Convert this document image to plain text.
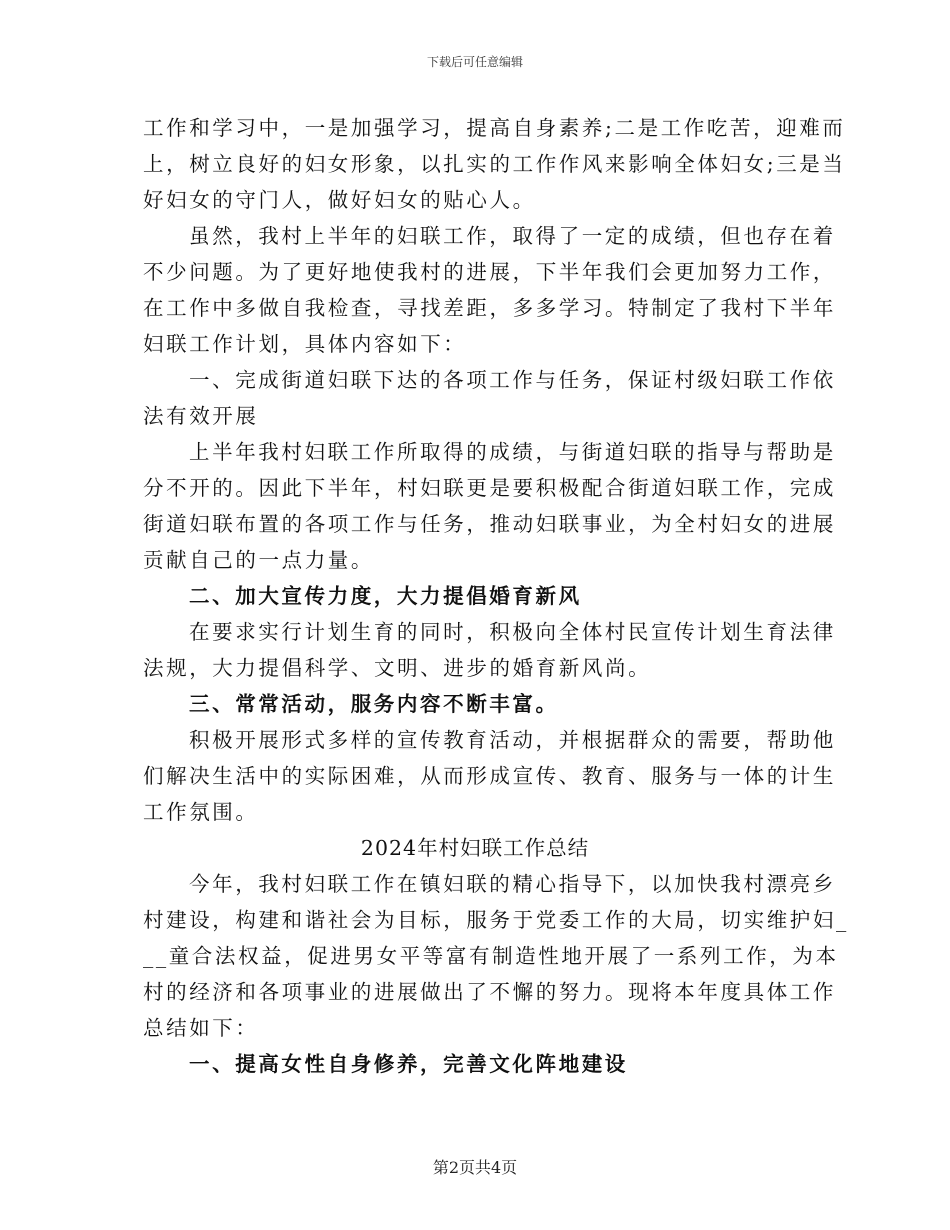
下载后可任意编辑
工作和学习中，一是加强学习，提高自身素养;二是工作吃苦，迎难而
上，树立良好的妇女形象，以扎实的工作作风来影响全体妇女;三是当
好妇女的守门人，做好妇女的贴心人。
虽然，我村上半年的妇联工作，取得了一定的成绩，但也存在着
不少问题。为了更好地使我村的进展，下半年我们会更加努力工作，
在工作中多做自我检查，寻找差距，多多学习。特制定了我村下半年
妇联工作计划，具体内容如下：
一、完成街道妇联下达的各项工作与任务，保证村级妇联工作依
法有效开展
上半年我村妇联工作所取得的成绩，与街道妇联的指导与帮助是
分不开的。因此下半年，村妇联更是要积极配合街道妇联工作，完成
街道妇联布置的各项工作与任务，推动妇联事业，为全村妇女的进展
贡献自己的一点力量。
二、加大宣传力度，大力提倡婚育新风
在要求实行计划生育的同时，积极向全体村民宣传计划生育法律
法规，大力提倡科学、文明、进步的婚育新风尚。
三、常常活动，服务内容不断丰富。
积极开展形式多样的宣传教育活动，并根据群众的需要，帮助他
们解决生活中的实际困难，从而形成宣传、教育、服务与一体的计生
工作氛围。
2024年村妇联工作总结
今年，我村妇联工作在镇妇联的精心指导下，以加快我村漂亮乡
村建设，构建和谐社会为目标，服务于党委工作的大局，切实维护妇_
__童合法权益，促进男女平等富有制造性地开展了一系列工作，为本
村的经济和各项事业的进展做出了不懈的努力。现将本年度具体工作
总结如下：
一、提高女性自身修养，完善文化阵地建设
第2页共4页
